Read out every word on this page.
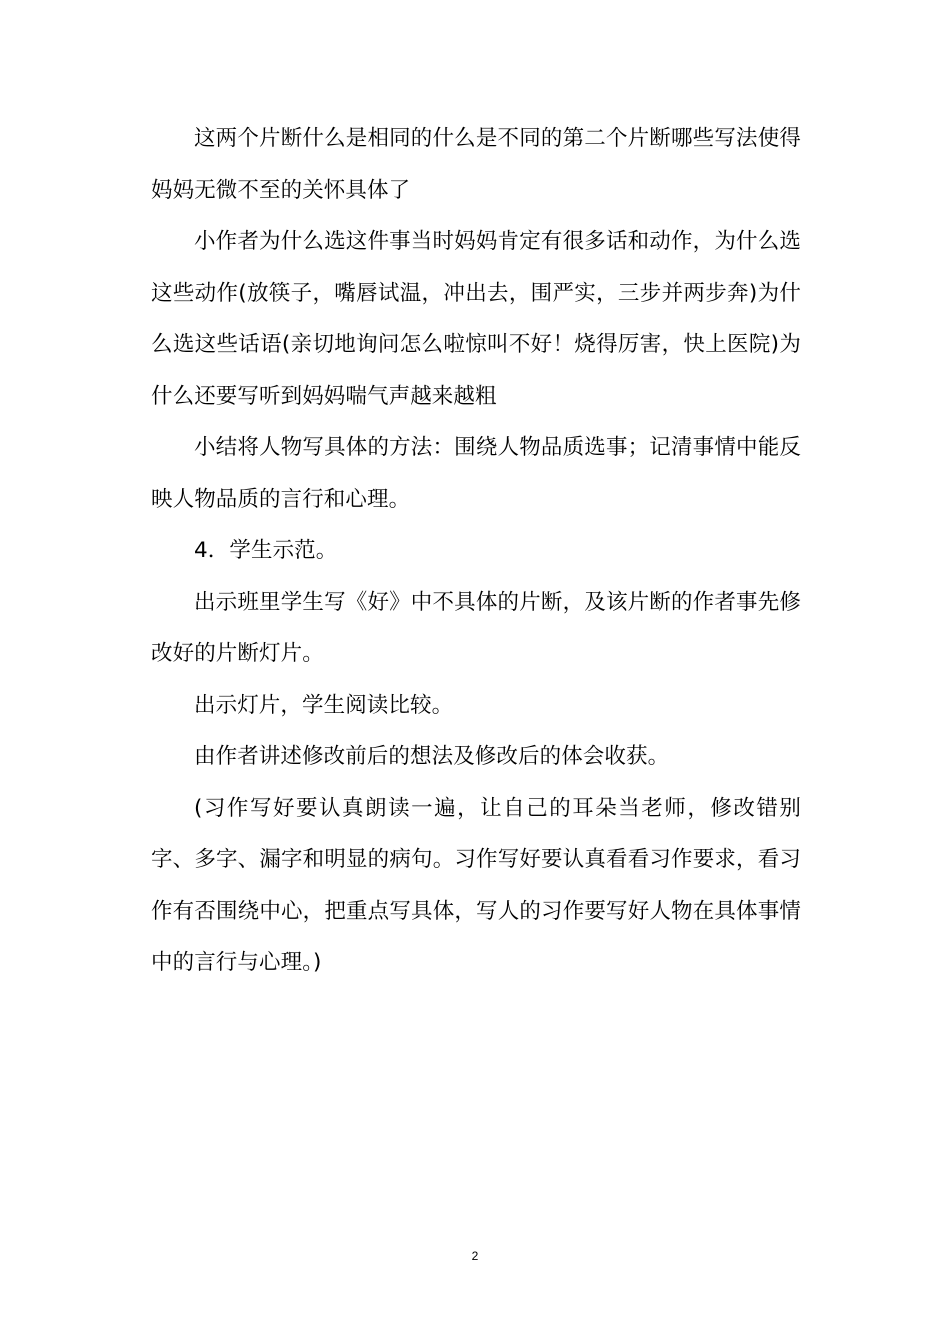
这两个片断什么是相同的什么是不同的第二个片断哪些写法使得妈妈无微不至的关怀具体了

小作者为什么选这件事当时妈妈肯定有很多话和动作，为什么选这些动作(放筷子，嘴唇试温，冲出去，围严实，三步并两步奔)为什么选这些话语(亲切地询问怎么啦惊叫不好！烧得厉害，快上医院)为什么还要写听到妈妈喘气声越来越粗

小结将人物写具体的方法：围绕人物品质选事；记清事情中能反映人物品质的言行和心理。

4．学生示范。

出示班里学生写《好》中不具体的片断，及该片断的作者事先修改好的片断灯片。

出示灯片，学生阅读比较。

由作者讲述修改前后的想法及修改后的体会收获。

(习作写好要认真朗读一遍，让自己的耳朵当老师，修改错别字、多字、漏字和明显的病句。习作写好要认真看看习作要求，看习作有否围绕中心，把重点写具体，写人的习作要写好人物在具体事情中的言行与心理。)

2
